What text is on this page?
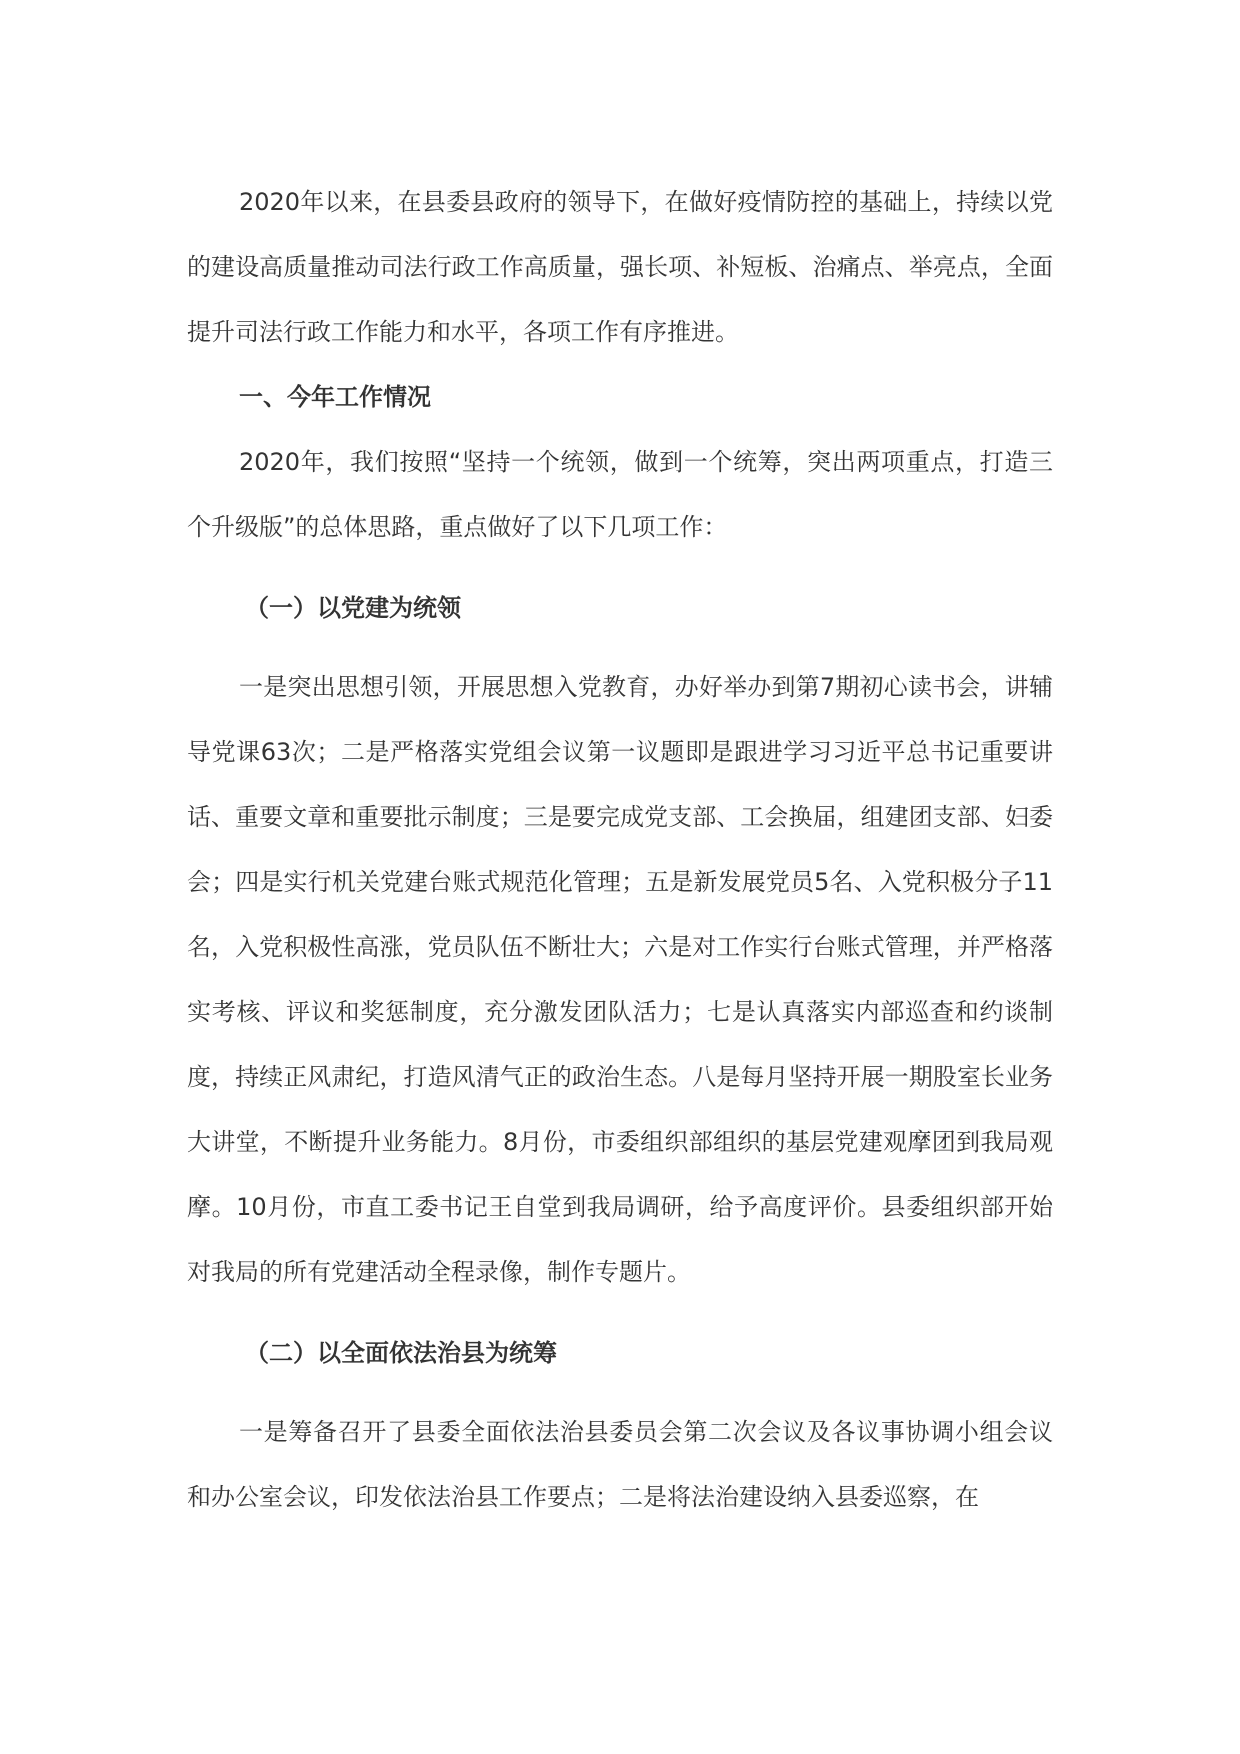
2020年以来，在县委县政府的领导下，在做好疫情防控的基础上，持续以党的建设高质量推动司法行政工作高质量，强长项、补短板、治痛点、举亮点，全面提升司法行政工作能力和水平，各项工作有序推进。

一、今年工作情况

2020年，我们按照“坚持一个统领，做到一个统筹，突出两项重点，打造三个升级版”的总体思路，重点做好了以下几项工作：

（一）以党建为统领

一是突出思想引领，开展思想入党教育，办好举办到第7期初心读书会，讲辅导党课63次；二是严格落实党组会议第一议题即是跟进学习习近平总书记重要讲话、重要文章和重要批示制度；三是要完成党支部、工会换届，组建团支部、妇委会；四是实行机关党建台账式规范化管理；五是新发展党员5名、入党积极分子11名，入党积极性高涨，党员队伍不断壮大；六是对工作实行台账式管理，并严格落实考核、评议和奖惩制度，充分激发团队活力；七是认真落实内部巡查和约谈制度，持续正风肃纪，打造风清气正的政治生态。八是每月坚持开展一期股室长业务大讲堂，不断提升业务能力。8月份，市委组织部组织的基层党建观摩团到我局观摩。10月份，市直工委书记王自堂到我局调研，给予高度评价。县委组织部开始对我局的所有党建活动全程录像，制作专题片。

（二）以全面依法治县为统筹

一是筹备召开了县委全面依法治县委员会第二次会议及各议事协调小组会议和办公室会议，印发依法治县工作要点；二是将法治建设纳入县委巡察，在
